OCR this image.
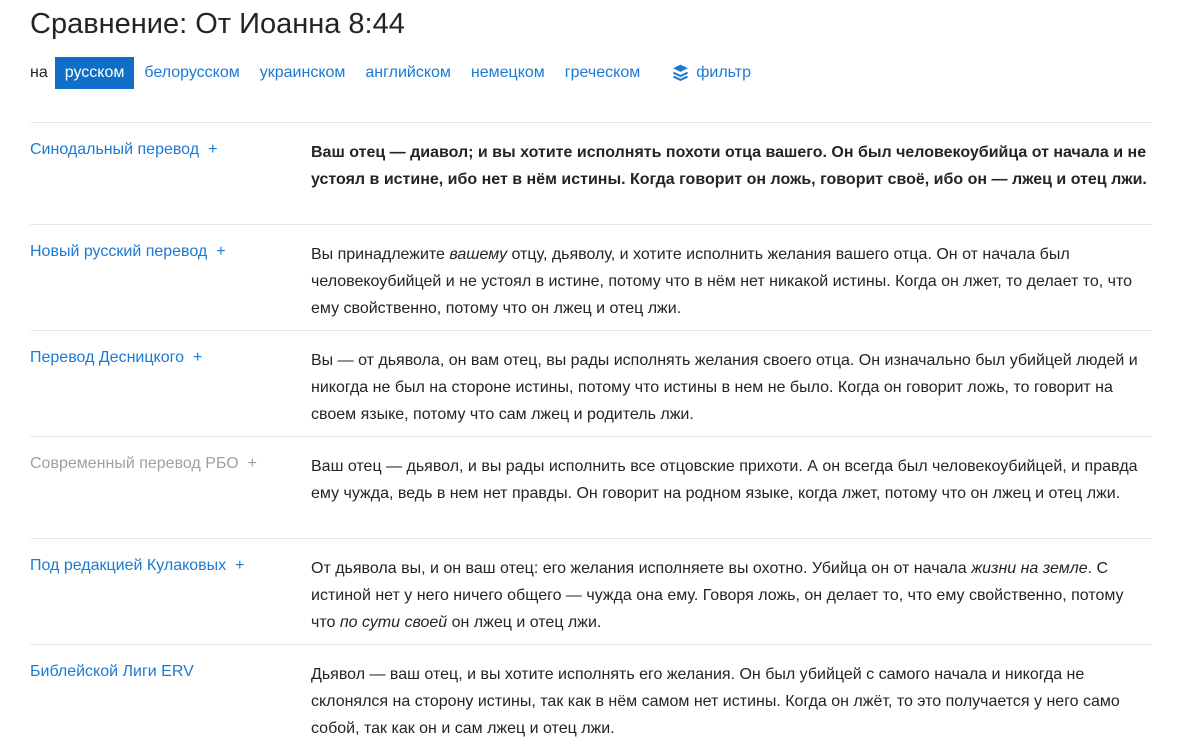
Сравнение: От Иоанна 8:44
на	русском	белорусском	украинском	английском	немецком	греческом	фильтр
Синодальный перевод +	Ваш отец — диавол; и вы хотите исполнять похоти отца вашего. Он был человекоубийца от начала и не устоял в истине, ибо нет в нём истины. Когда говорит он ложь, говорит своё, ибо он — лжец и отец лжи.
Новый русский перевод +	Вы принадлежите вашему отцу, дьяволу, и хотите исполнить желания вашего отца. Он от начала был человекоубийцей и не устоял в истине, потому что в нём нет никакой истины. Когда он лжет, то делает то, что ему свойственно, потому что он лжец и отец лжи.
Перевод Десницкого +	Вы — от дьявола, он вам отец, вы рады исполнять желания своего отца. Он изначально был убийцей людей и никогда не был на стороне истины, потому что истины в нем не было. Когда он говорит ложь, то говорит на своем языке, потому что сам лжец и родитель лжи.
Современный перевод РБО +	Ваш отец — дьявол, и вы рады исполнить все отцовские прихоти. А он всегда был человекоубийцей, и правда ему чужда, ведь в нем нет правды. Он говорит на родном языке, когда лжет, потому что он лжец и отец лжи.
Под редакцией Кулаковых +	От дьявола вы, и он ваш отец: его желания исполняете вы охотно. Убийца он от начала жизни на земле. С истиной нет у него ничего общего — чужда она ему. Говоря ложь, он делает то, что ему свойственно, потому что по сути своей он лжец и отец лжи.
Библейской Лиги ERV	Дьявол — ваш отец, и вы хотите исполнять его желания. Он был убийцей с самого начала и никогда не склонялся на сторону истины, так как в нём самом нет истины. Когда он лжёт, то это получается у него само собой, так как он и сам лжец и отец лжи.
